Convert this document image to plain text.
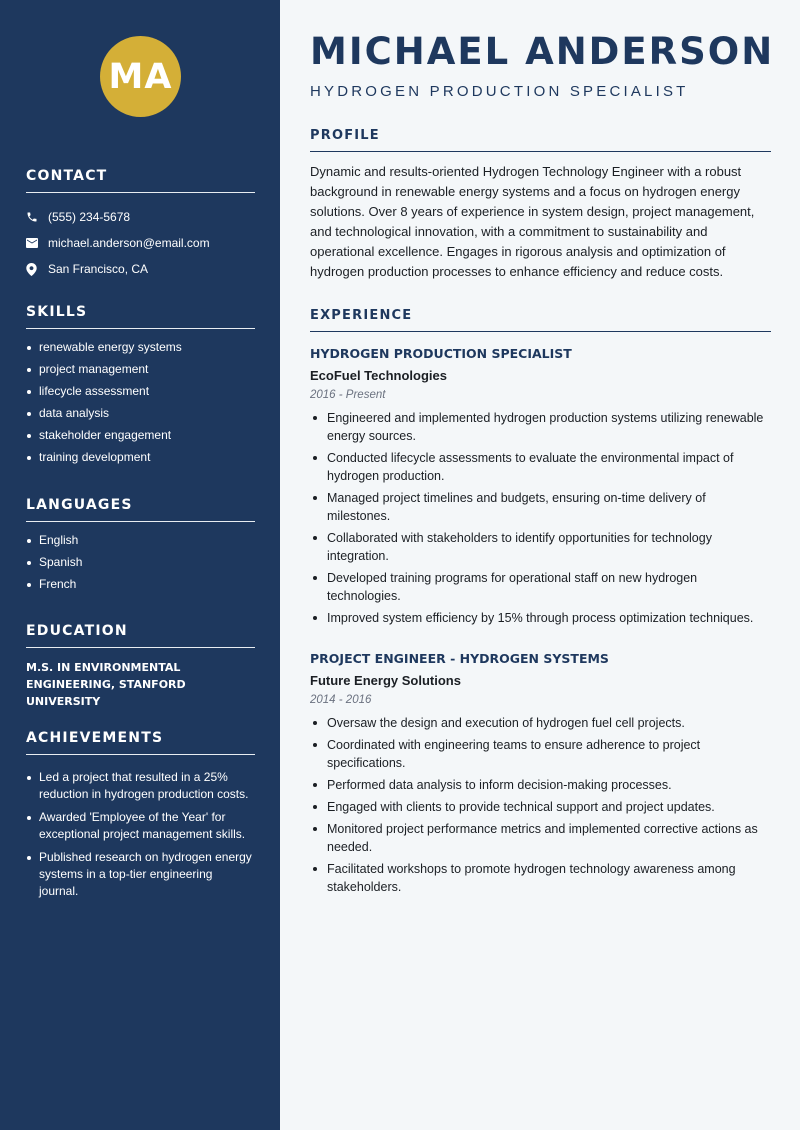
MA
CONTACT
(555) 234-5678
michael.anderson@email.com
San Francisco, CA
SKILLS
renewable energy systems
project management
lifecycle assessment
data analysis
stakeholder engagement
training development
LANGUAGES
English
Spanish
French
EDUCATION
M.S. IN ENVIRONMENTAL ENGINEERING, STANFORD UNIVERSITY
ACHIEVEMENTS
Led a project that resulted in a 25% reduction in hydrogen production costs.
Awarded 'Employee of the Year' for exceptional project management skills.
Published research on hydrogen energy systems in a top-tier engineering journal.
MICHAEL ANDERSON
HYDROGEN PRODUCTION SPECIALIST
PROFILE

Dynamic and results-oriented Hydrogen Technology Engineer with a robust background in renewable energy systems and a focus on hydrogen energy solutions. Over 8 years of experience in system design, project management, and technological innovation, with a commitment to sustainability and operational excellence. Engages in rigorous analysis and optimization of hydrogen production processes to enhance efficiency and reduce costs.

EXPERIENCE
HYDROGEN PRODUCTION SPECIALIST
EcoFuel Technologies
2016 - Present
Engineered and implemented hydrogen production systems utilizing renewable energy sources.
Conducted lifecycle assessments to evaluate the environmental impact of hydrogen production.
Managed project timelines and budgets, ensuring on-time delivery of milestones.
Collaborated with stakeholders to identify opportunities for technology integration.
Developed training programs for operational staff on new hydrogen technologies.
Improved system efficiency by 15% through process optimization techniques.
PROJECT ENGINEER - HYDROGEN SYSTEMS
Future Energy Solutions
2014 - 2016
Oversaw the design and execution of hydrogen fuel cell projects.
Coordinated with engineering teams to ensure adherence to project specifications.
Performed data analysis to inform decision-making processes.
Engaged with clients to provide technical support and project updates.
Monitored project performance metrics and implemented corrective actions as needed.
Facilitated workshops to promote hydrogen technology awareness among stakeholders.
